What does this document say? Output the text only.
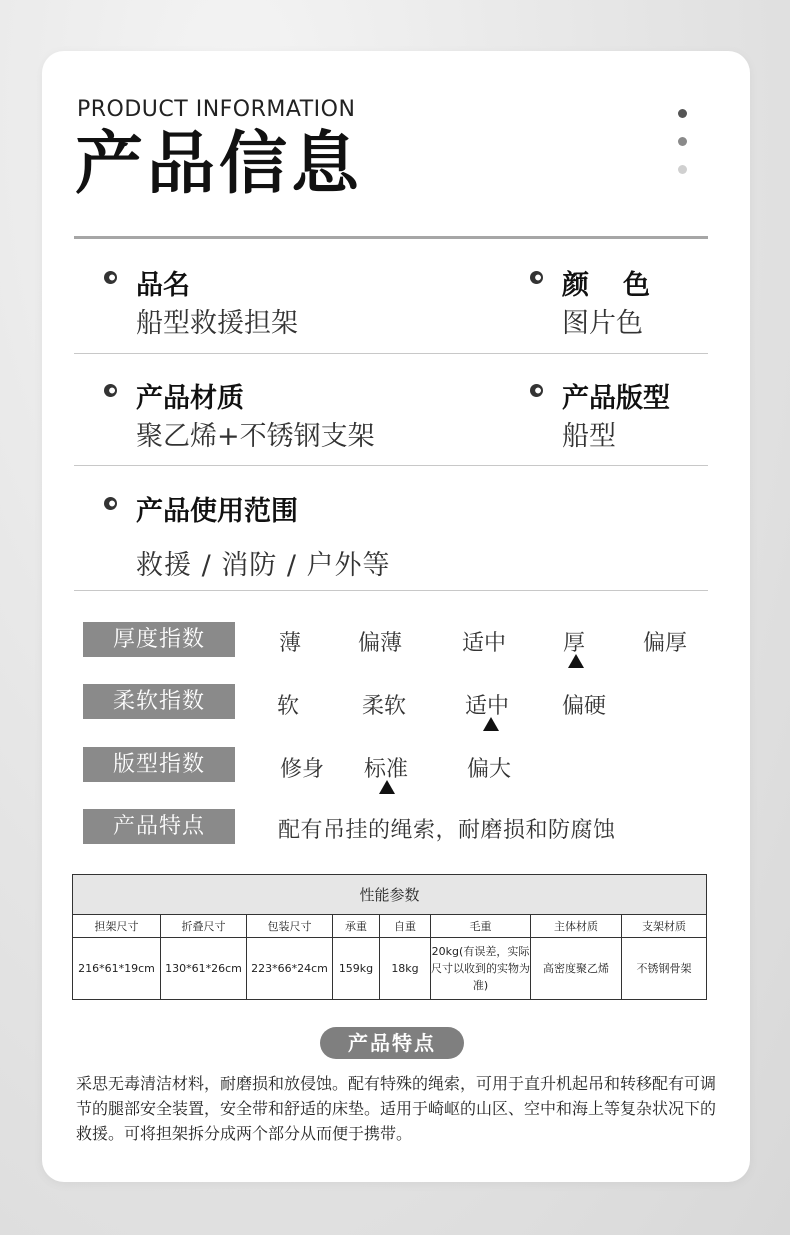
PRODUCT INFORMATION
产品信息
品名
船型救援担架
颜色
图片色
产品材质
聚乙烯+不锈钢支架
产品版型
船型
产品使用范围
救援 / 消防 / 户外等
厚度指数	薄	偏薄	适中	厚	偏厚
柔软指数	软	柔软	适中 偏硬
版型指数	修身 标准	偏大
产品特点	配有吊挂的绳索，耐磨损和防腐蚀
性能参数							
担架尺寸	折叠尺寸	包装尺寸	承重	自重	毛重	主体材质	支架材质
216*61*19cm	130*61*26cm	223*66*24cm	159kg	18kg	20kg(有误差，实际尺寸以收到的实物为准)	高密度聚乙烯	不锈钢骨架
产品特点
采思无毒清洁材料，耐磨损和放侵蚀。配有特殊的绳索，可用于直升机起吊和转移配有可调节的腿部安全装置，安全带和舒适的床垫。适用于崎岖的山区、空中和海上等复杂状况下的救援。可将担架拆分成两个部分从而便于携带。
